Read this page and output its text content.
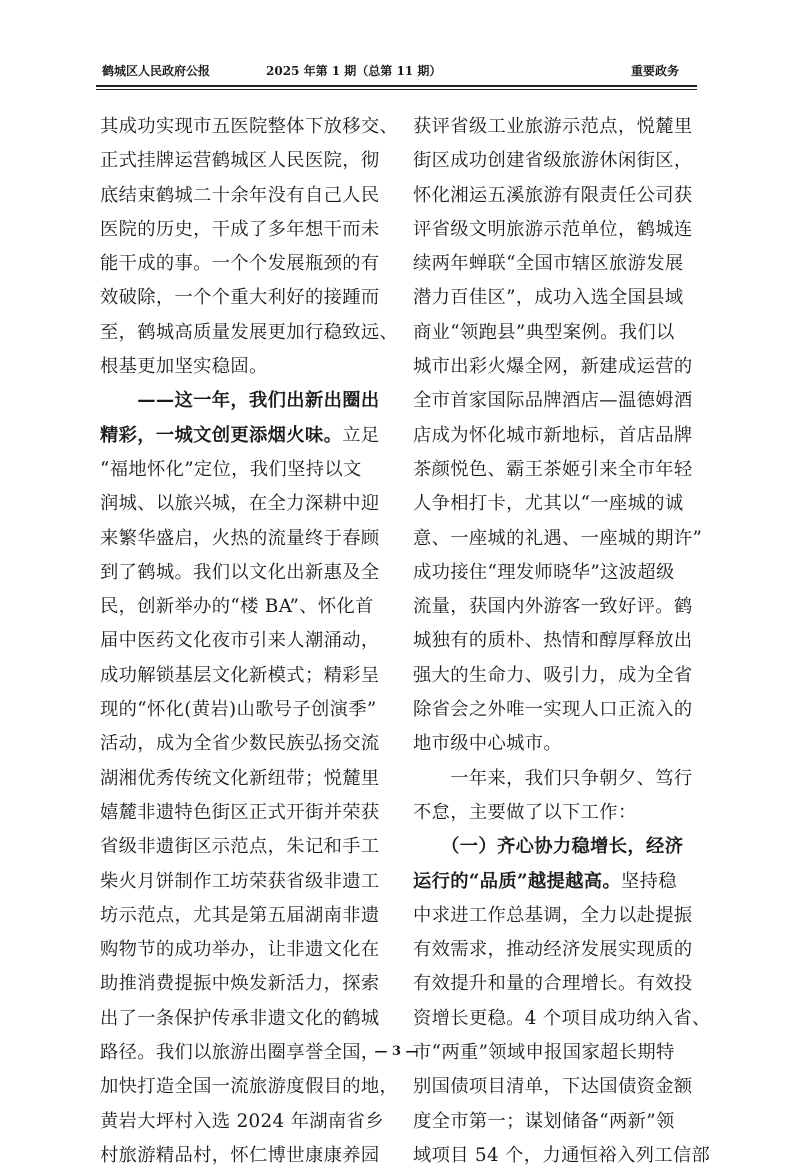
鹤城区人民政府公报	2025 年第 1 期（总第 11 期）	重要政务
其成功实现市五医院整体下放移交、
正式挂牌运营鹤城区人民医院，彻
底结束鹤城二十余年没有自己人民
医院的历史，干成了多年想干而未
能干成的事。一个个发展瓶颈的有
效破除，一个个重大利好的接踵而
至，鹤城高质量发展更加行稳致远、
根基更加坚实稳固。
　　——这一年，我们出新出圈出
精彩，一城文创更添烟火味。立足
“福地怀化”定位，我们坚持以文
润城、以旅兴城，在全力深耕中迎
来繁华盛启，火热的流量终于春顾
到了鹤城。我们以文化出新惠及全
民，创新举办的“楼 BA”、怀化首
届中医药文化夜市引来人潮涌动，
成功解锁基层文化新模式；精彩呈
现的“怀化(黄岩)山歌号子创演季”
活动，成为全省少数民族弘扬交流
湖湘优秀传统文化新纽带；悦麓里
嬉麓非遗特色街区正式开街并荣获
省级非遗街区示范点，朱记和手工
柴火月饼制作工坊荣获省级非遗工
坊示范点，尤其是第五届湖南非遗
购物节的成功举办，让非遗文化在
助推消费提振中焕发新活力，探索
出了一条保护传承非遗文化的鹤城
路径。我们以旅游出圈享誉全国，
加快打造全国一流旅游度假目的地，
黄岩大坪村入选 2024 年湖南省乡
村旅游精品村，怀仁博世康康养园
获评省级工业旅游示范点，悦麓里
街区成功创建省级旅游休闲街区，
怀化湘运五溪旅游有限责任公司获
评省级文明旅游示范单位，鹤城连
续两年蝉联“全国市辖区旅游发展
潜力百佳区”，成功入选全国县域
商业“领跑县”典型案例。我们以
城市出彩火爆全网，新建成运营的
全市首家国际品牌酒店—温德姆酒
店成为怀化城市新地标，首店品牌
茶颜悦色、霸王茶姬引来全市年轻
人争相打卡，尤其以“一座城的诚
意、一座城的礼遇、一座城的期许”
成功接住“理发师晓华”这波超级
流量，获国内外游客一致好评。鹤
城独有的质朴、热情和醇厚释放出
强大的生命力、吸引力，成为全省
除省会之外唯一实现人口正流入的
地市级中心城市。
　　一年来，我们只争朝夕、笃行
不怠，主要做了以下工作：
　　（一）齐心协力稳增长，经济
运行的“品质”越提越高。坚持稳
中求进工作总基调，全力以赴提振
有效需求，推动经济发展实现质的
有效提升和量的合理增长。有效投
资增长更稳。4 个项目成功纳入省、
市“两重”领域申报国家超长期特
别国债项目清单，下达国债资金额
度全市第一；谋划储备“两新”领
域项目 54 个，力通恒裕入列工信部
— 3 —
